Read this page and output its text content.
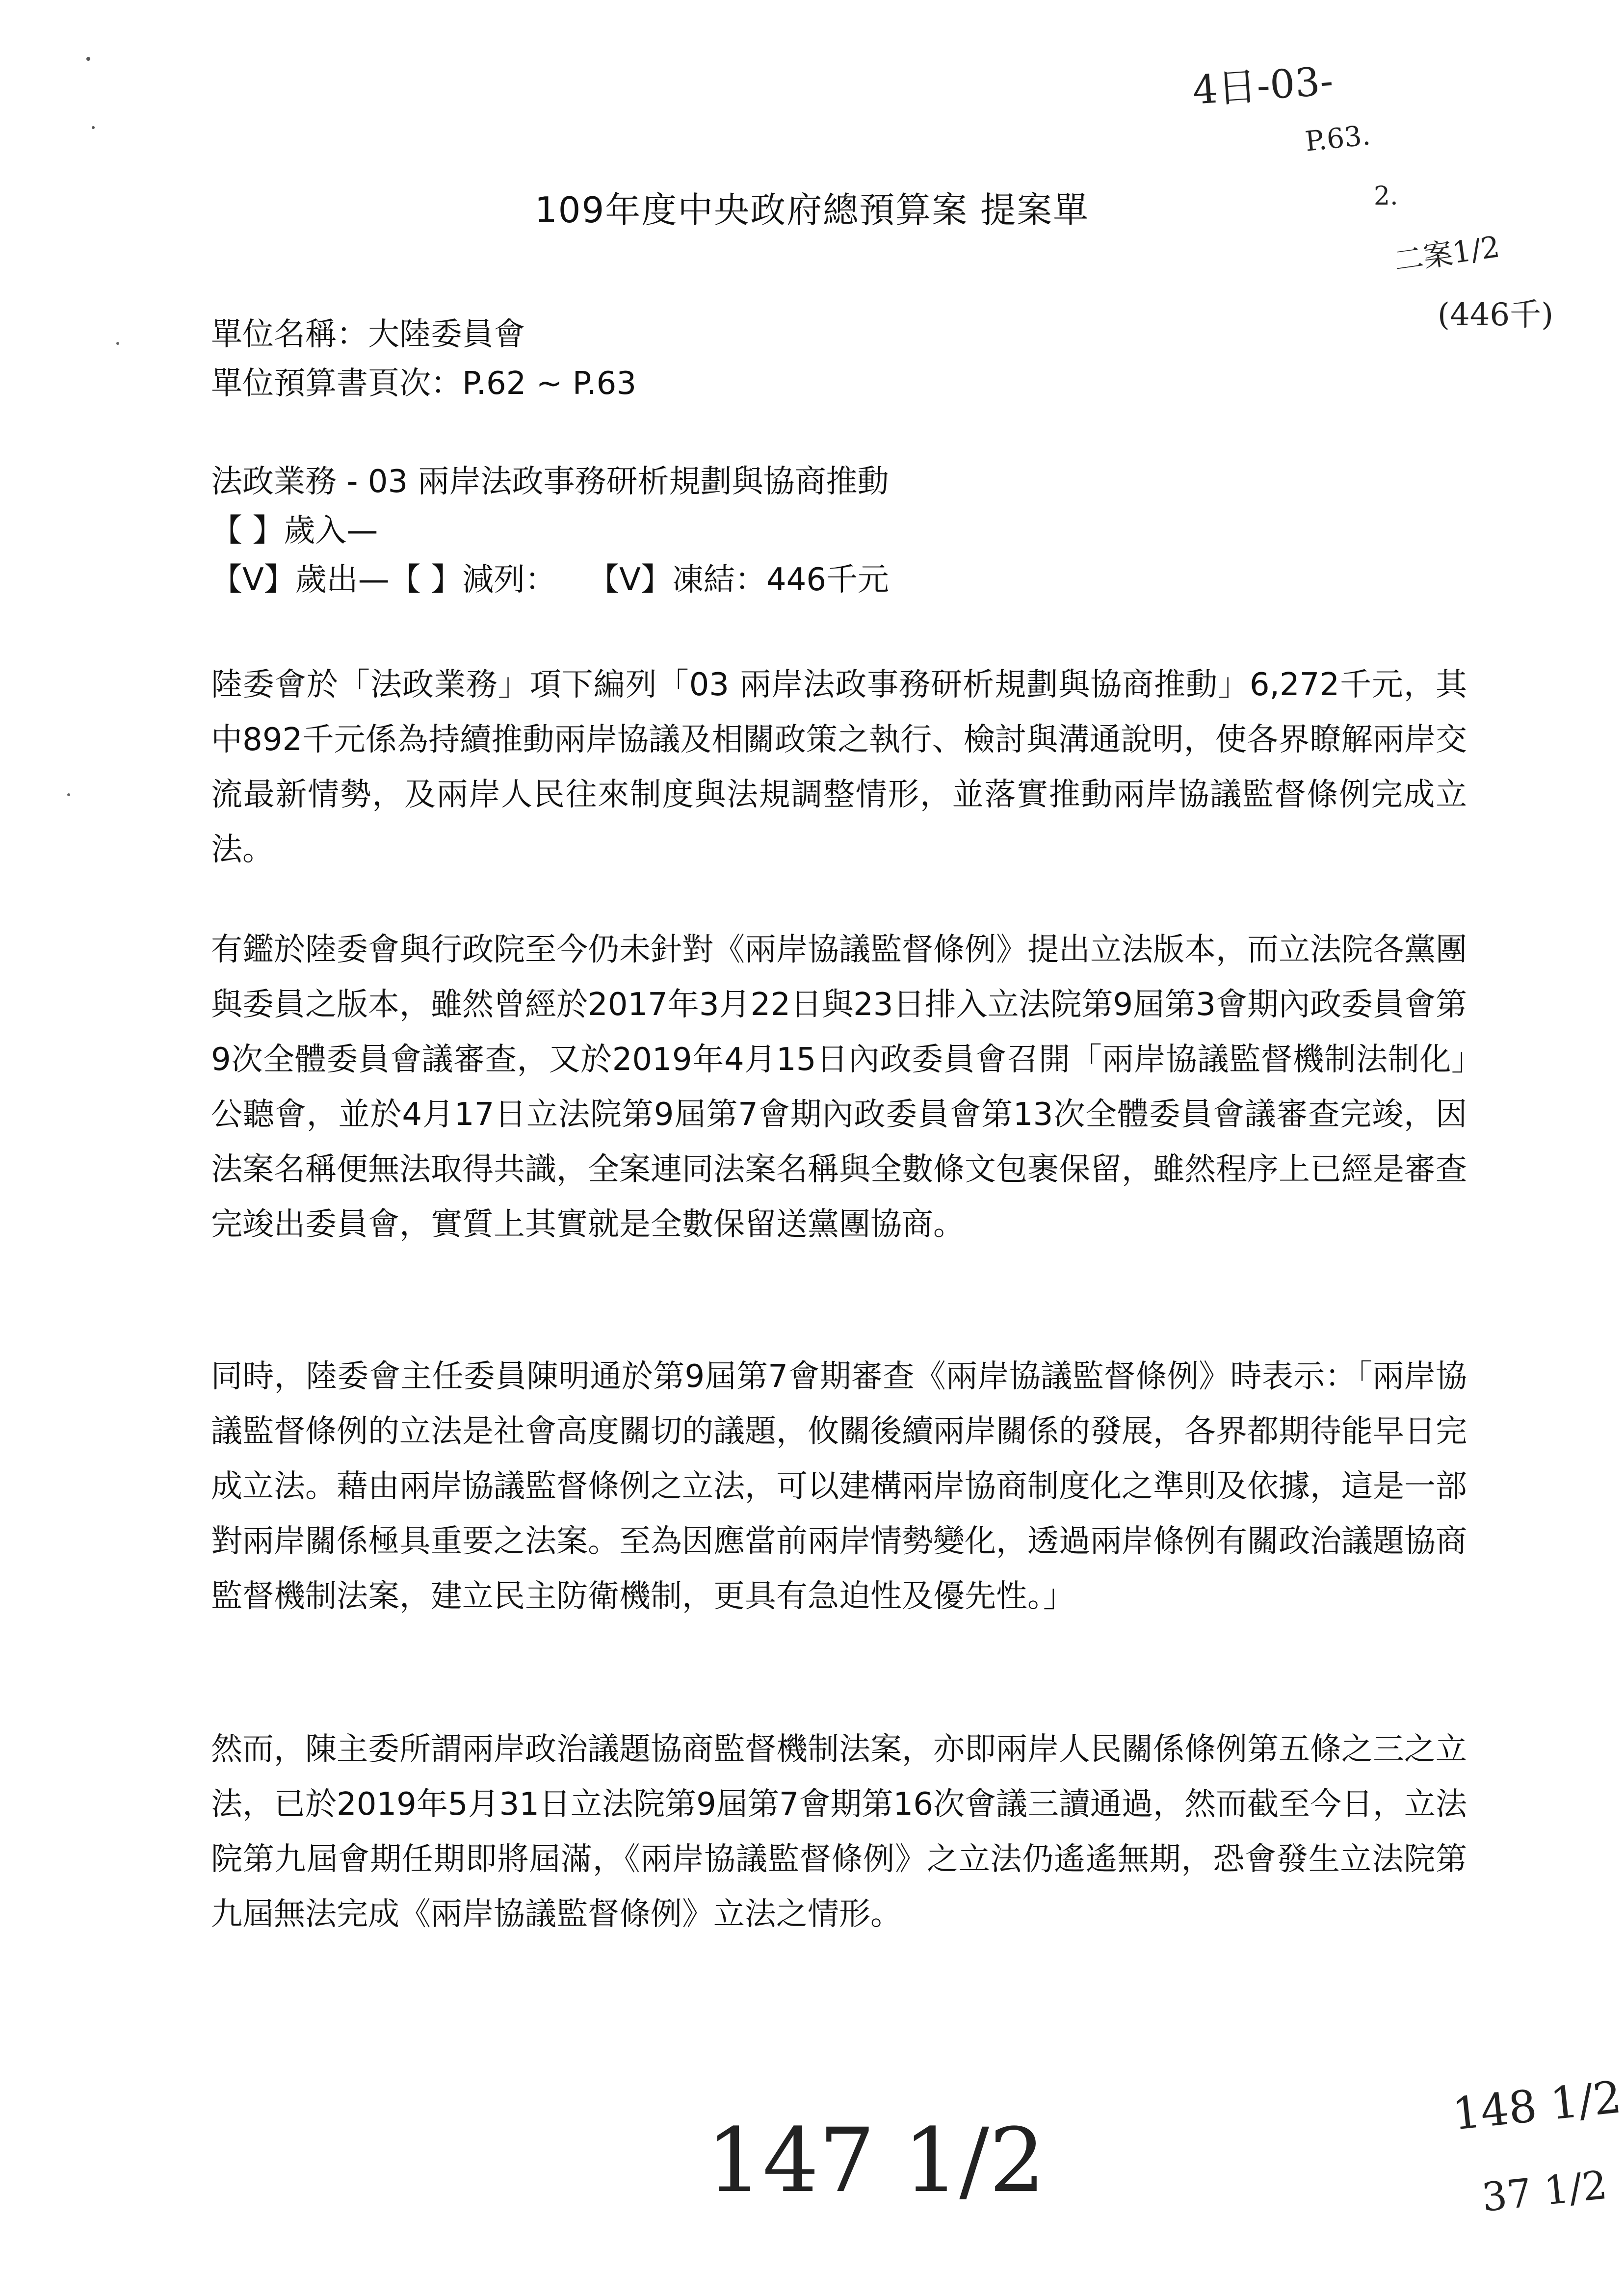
109年度中央政府總預算案 提案單
單位名稱：大陸委員會
單位預算書頁次：P.62 ~ P.63
法政業務 - 03 兩岸法政事務研析規劃與協商推動
【 】歲入—
【V】歲出—【 】減列：　　【V】凍結：446千元
陸委會於「法政業務」項下編列「03 兩岸法政事務研析規劃與協商推動」6,272千元，其中892千元係為持續推動兩岸協議及相關政策之執行、檢討與溝通說明，使各界瞭解兩岸交流最新情勢，及兩岸人民往來制度與法規調整情形，並落實推動兩岸協議監督條例完成立法。
有鑑於陸委會與行政院至今仍未針對《兩岸協議監督條例》提出立法版本，而立法院各黨團與委員之版本，雖然曾經於2017年3月22日與23日排入立法院第9屆第3會期內政委員會第9次全體委員會議審查，又於2019年4月15日內政委員會召開「兩岸協議監督機制法制化」公聽會，並於4月17日立法院第9屆第7會期內政委員會第13次全體委員會議審查完竣，因法案名稱便無法取得共識，全案連同法案名稱與全數條文包裹保留，雖然程序上已經是審查完竣出委員會，實質上其實就是全數保留送黨團協商。
同時，陸委會主任委員陳明通於第9屆第7會期審查《兩岸協議監督條例》時表示：「兩岸協議監督條例的立法是社會高度關切的議題，攸關後續兩岸關係的發展，各界都期待能早日完成立法。藉由兩岸協議監督條例之立法，可以建構兩岸協商制度化之準則及依據，這是一部對兩岸關係極具重要之法案。至為因應當前兩岸情勢變化，透過兩岸條例有關政治議題協商監督機制法案，建立民主防衛機制，更具有急迫性及優先性。」
然而，陳主委所謂兩岸政治議題協商監督機制法案，亦即兩岸人民關係條例第五條之三之立法，已於2019年5月31日立法院第9屆第7會期第16次會議三讀通過，然而截至今日，立法院第九屆會期任期即將屆滿，《兩岸協議監督條例》之立法仍遙遙無期，恐會發生立法院第九屆無法完成《兩岸協議監督條例》立法之情形。
4日-03-
P.63.
2.
二案1/2
(446千)
147 1/2
148 1/2
37 1/2
